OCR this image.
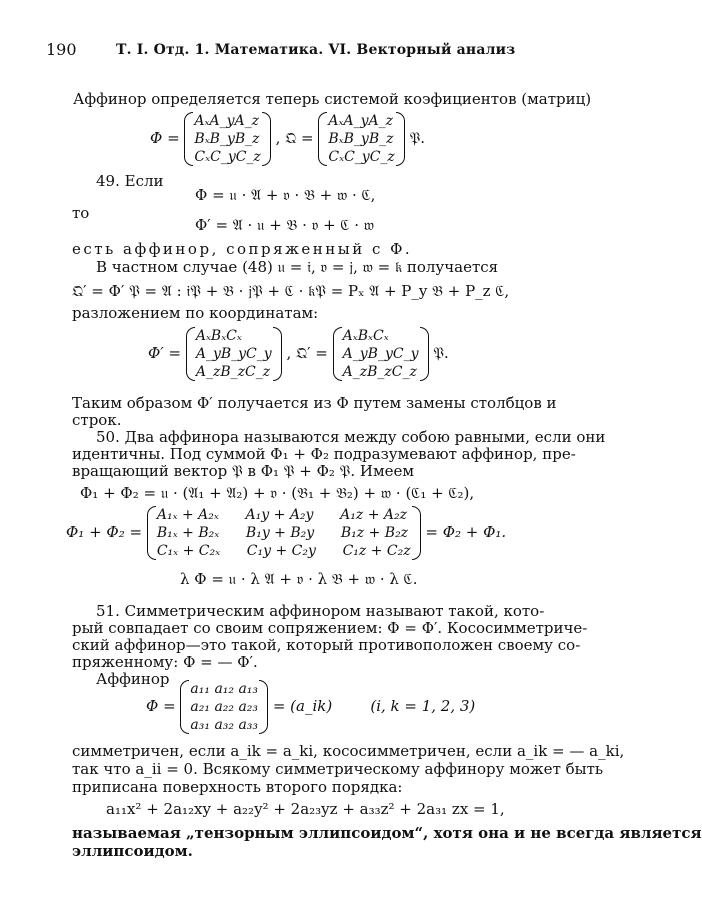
190	Т. I. Отд. 1. Математика. VI. Векторный анализ
Аффинор определяется теперь системой коэфициентов (матриц)
Φ =
AₓA_yA_z
BₓB_yB_z
CₓC_yC_z
, 𝔔 =
AₓA_yA_z
BₓB_yB_z
CₓC_yC_z
𝔓.
49. Если
Φ = 𝔲 · 𝔄 + 𝔳 · 𝔅 + 𝔴 · ℭ,
то
Φ′ = 𝔄 · 𝔲 + 𝔅 · 𝔳 + ℭ · 𝔴
есть аффинор, сопряженный с Φ.
В частном случае (48) 𝔲 = 𝔦, 𝔳 = 𝔧, 𝔴 = 𝔨 получается
𝔔′ = Φ′ 𝔓 = 𝔄 : 𝔦𝔓 + 𝔅 · 𝔧𝔓 + ℭ · 𝔨𝔓 = Pₓ 𝔄 + P_y 𝔅 + P_z ℭ,
разложением по координатам:
Φ′ =
AₓBₓCₓ
A_yB_yC_y
A_zB_zC_z
, 𝔔′ =
AₓBₓCₓ
A_yB_yC_y
A_zB_zC_z
𝔓.
Таким образом Φ′ получается из Φ путем замены столбцов и
строк.
50. Два аффинора называются между собою равными, если они
идентичны. Под суммой Φ₁ + Φ₂ подразумевают аффинор, пре-
вращающий вектор 𝔓 в Φ₁ 𝔓 + Φ₂ 𝔓. Имеем
Φ₁ + Φ₂ = 𝔲 · (𝔄₁ + 𝔄₂) + 𝔳 · (𝔅₁ + 𝔅₂) + 𝔴 · (ℭ₁ + ℭ₂),
Φ₁ + Φ₂ =
A₁ₓ + A₂ₓ      A₁y + A₂y      A₁z + A₂z
B₁ₓ + B₂ₓ      B₁y + B₂y      B₁z + B₂z
C₁ₓ + C₂ₓ      C₁y + C₂y      C₁z + C₂z
= Φ₂ + Φ₁.
λ Φ = 𝔲 · λ 𝔄 + 𝔳 · λ 𝔅 + 𝔴 · λ ℭ.
51. Симметрическим аффинором называют такой, кото-
рый совпадает со своим сопряжением: Φ = Φ′. Кососимметриче-
ский аффинор—это такой, который противоположен своему со-
пряженному: Φ = — Φ′.
Аффинор
Φ =
a₁₁ a₁₂ a₁₃
a₂₁ a₂₂ a₂₃
a₃₁ a₃₂ a₃₃
= (a_ik)        (i, k = 1, 2, 3)
симметричен, если a_ik = a_ki, кососимметричен, если a_ik = — a_ki,
так что a_ii = 0. Всякому симметрическому аффинору может быть
приписана поверхность второго порядка:
a₁₁x² + 2a₁₂xy + a₂₂y² + 2a₂₃yz + a₃₃z² + 2a₃₁ zx = 1,
называемая „тензорным эллипсоидом“, хотя она и не всегда является
эллипсоидом.
